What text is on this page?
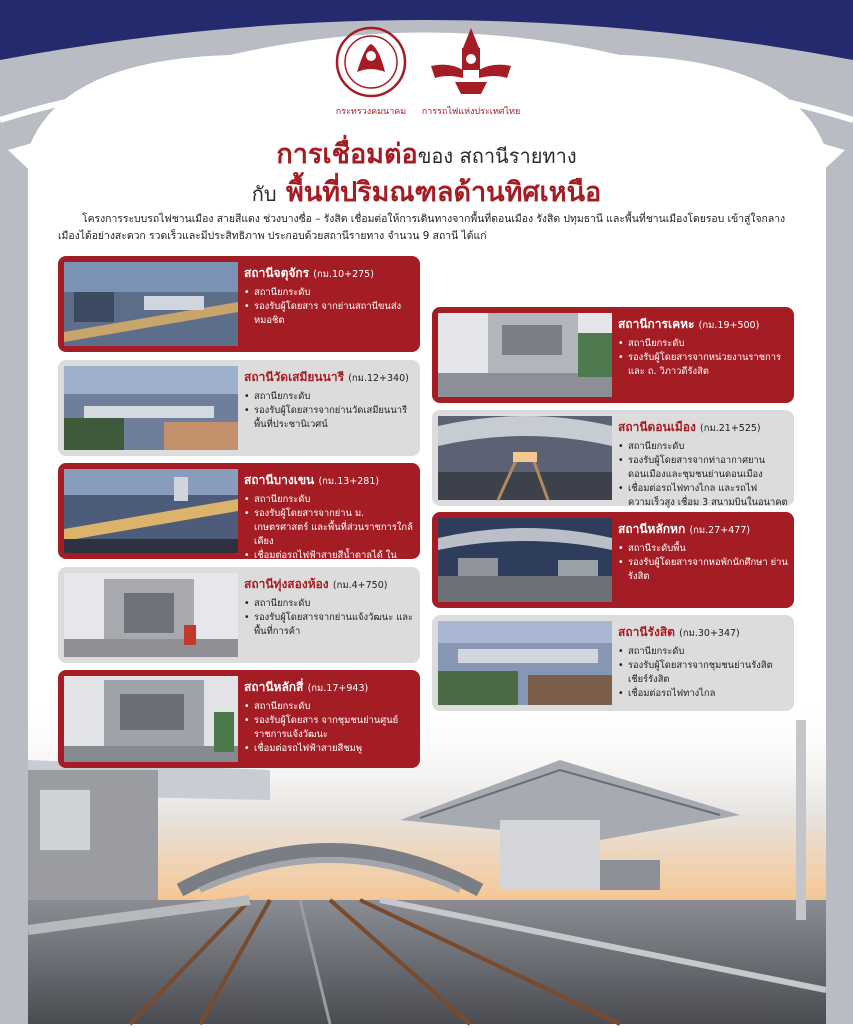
กระทรวงคมนาคม การรถไฟแห่งประเทศไทย
การเชื่อมต่อของ สถานีรายทาง
กับ พื้นที่ปริมณฑลด้านทิศเหนือ
โครงการระบบรถไฟชานเมือง สายสีแดง ช่วงบางซื่อ – รังสิต เชื่อมต่อให้การเดินทางจากพื้นที่ดอนเมือง รังสิต ปทุมธานี และพื้นที่ชานเมืองโดยรอบ เข้าสู่ใจกลางเมืองได้อย่างสะดวก รวดเร็วและมีประสิทธิภาพ ประกอบด้วยสถานีรายทาง จำนวน 9 สถานี ได้แก่
สถานีจตุจักร (กม.10+275)
• สถานียกระดับ
• รองรับผู้โดยสาร จากย่านสถานีขนส่งหมอชิต
สถานีวัดเสมียนนารี (กม.12+340)
• สถานียกระดับ
• รองรับผู้โดยสารจากย่านวัดเสมียนนารี พื้นที่ประชานิเวศน์
สถานีบางเขน (กม.13+281)
• สถานียกระดับ
• รองรับผู้โดยสารจากย่าน ม. เกษตรศาสตร์ และพื้นที่ส่วนราชการใกล้เคียง
• เชื่อมต่อรถไฟฟ้าสายสีน้ำตาลได้ ใน
สถานีทุ่งสองห้อง (กม.4+750)
• สถานียกระดับ
• รองรับผู้โดยสารจากย่านแจ้งวัฒนะ และพื้นที่การค้า
สถานีหลักสี่ (กม.17+943)
• สถานียกระดับ
• รองรับผู้โดยสาร จากชุมชนย่านศูนย์ราชการแจ้งวัฒนะ
• เชื่อมต่อรถไฟฟ้าสายสีชมพู
สถานีการเคหะ (กม.19+500)
• สถานียกระดับ
• รองรับผู้โดยสารจากหน่วยงานราชการ และ ถ. วิภาวดีรังสิต
สถานีดอนเมือง (กม.21+525)
• สถานียกระดับ
• รองรับผู้โดยสารจากท่าอากาศยาน ดอนเมืองและชุมชนย่านดอนเมือง
• เชื่อมต่อรถไฟทางไกล และรถไฟความเร็วสูง เชื่อม 3 สนามบินในอนาคต
สถานีหลักหก (กม.27+477)
• สถานีระดับพื้น
• รองรับผู้โดยสารจากหอพักนักศึกษา ย่านรังสิต
สถานีรังสิต (กม.30+347)
• สถานียกระดับ
• รองรับผู้โดยสารจากชุมชนย่านรังสิต เชียร์รังสิต
• เชื่อมต่อรถไฟทางไกล
